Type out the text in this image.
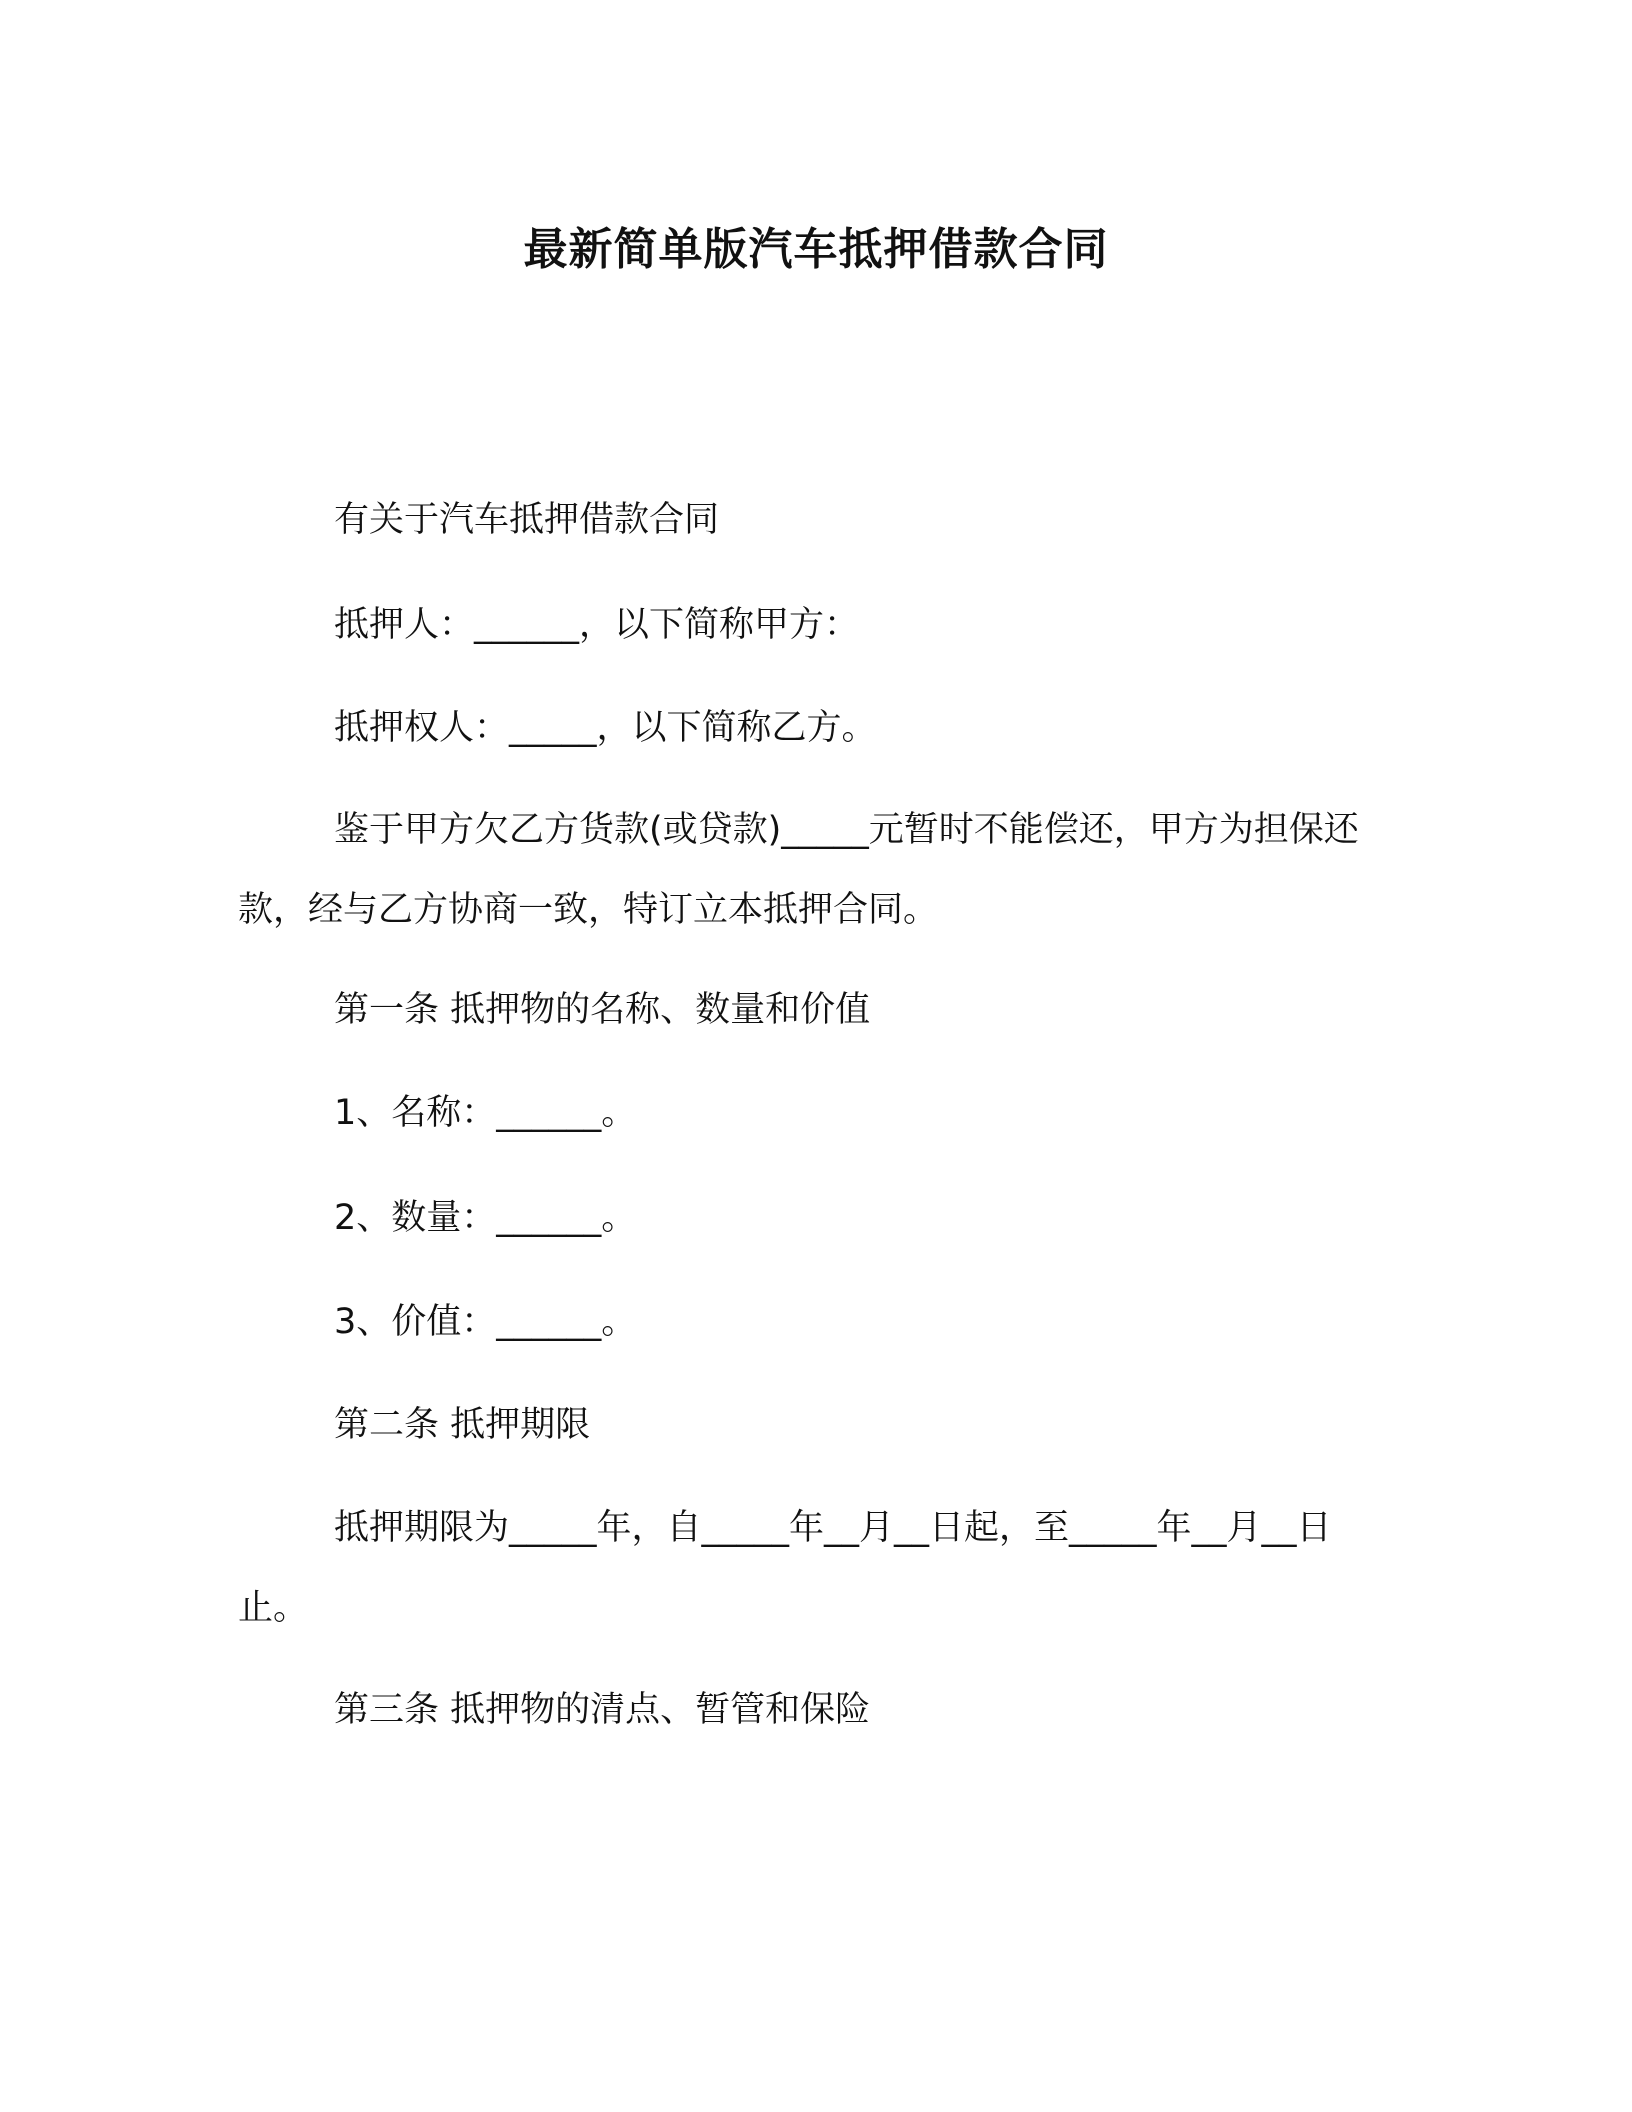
最新简单版汽车抵押借款合同

有关于汽车抵押借款合同

抵押人：______，以下简称甲方：

抵押权人：_____，以下简称乙方。

鉴于甲方欠乙方货款(或贷款)_____元暂时不能偿还，甲方为担保还款，经与乙方协商一致，特订立本抵押合同。

第一条 抵押物的名称、数量和价值

1、名称：______。

2、数量：______。

3、价值：______。

第二条 抵押期限

抵押期限为_____年，自_____年__月__日起，至_____年__月__日止。

第三条 抵押物的清点、暂管和保险
